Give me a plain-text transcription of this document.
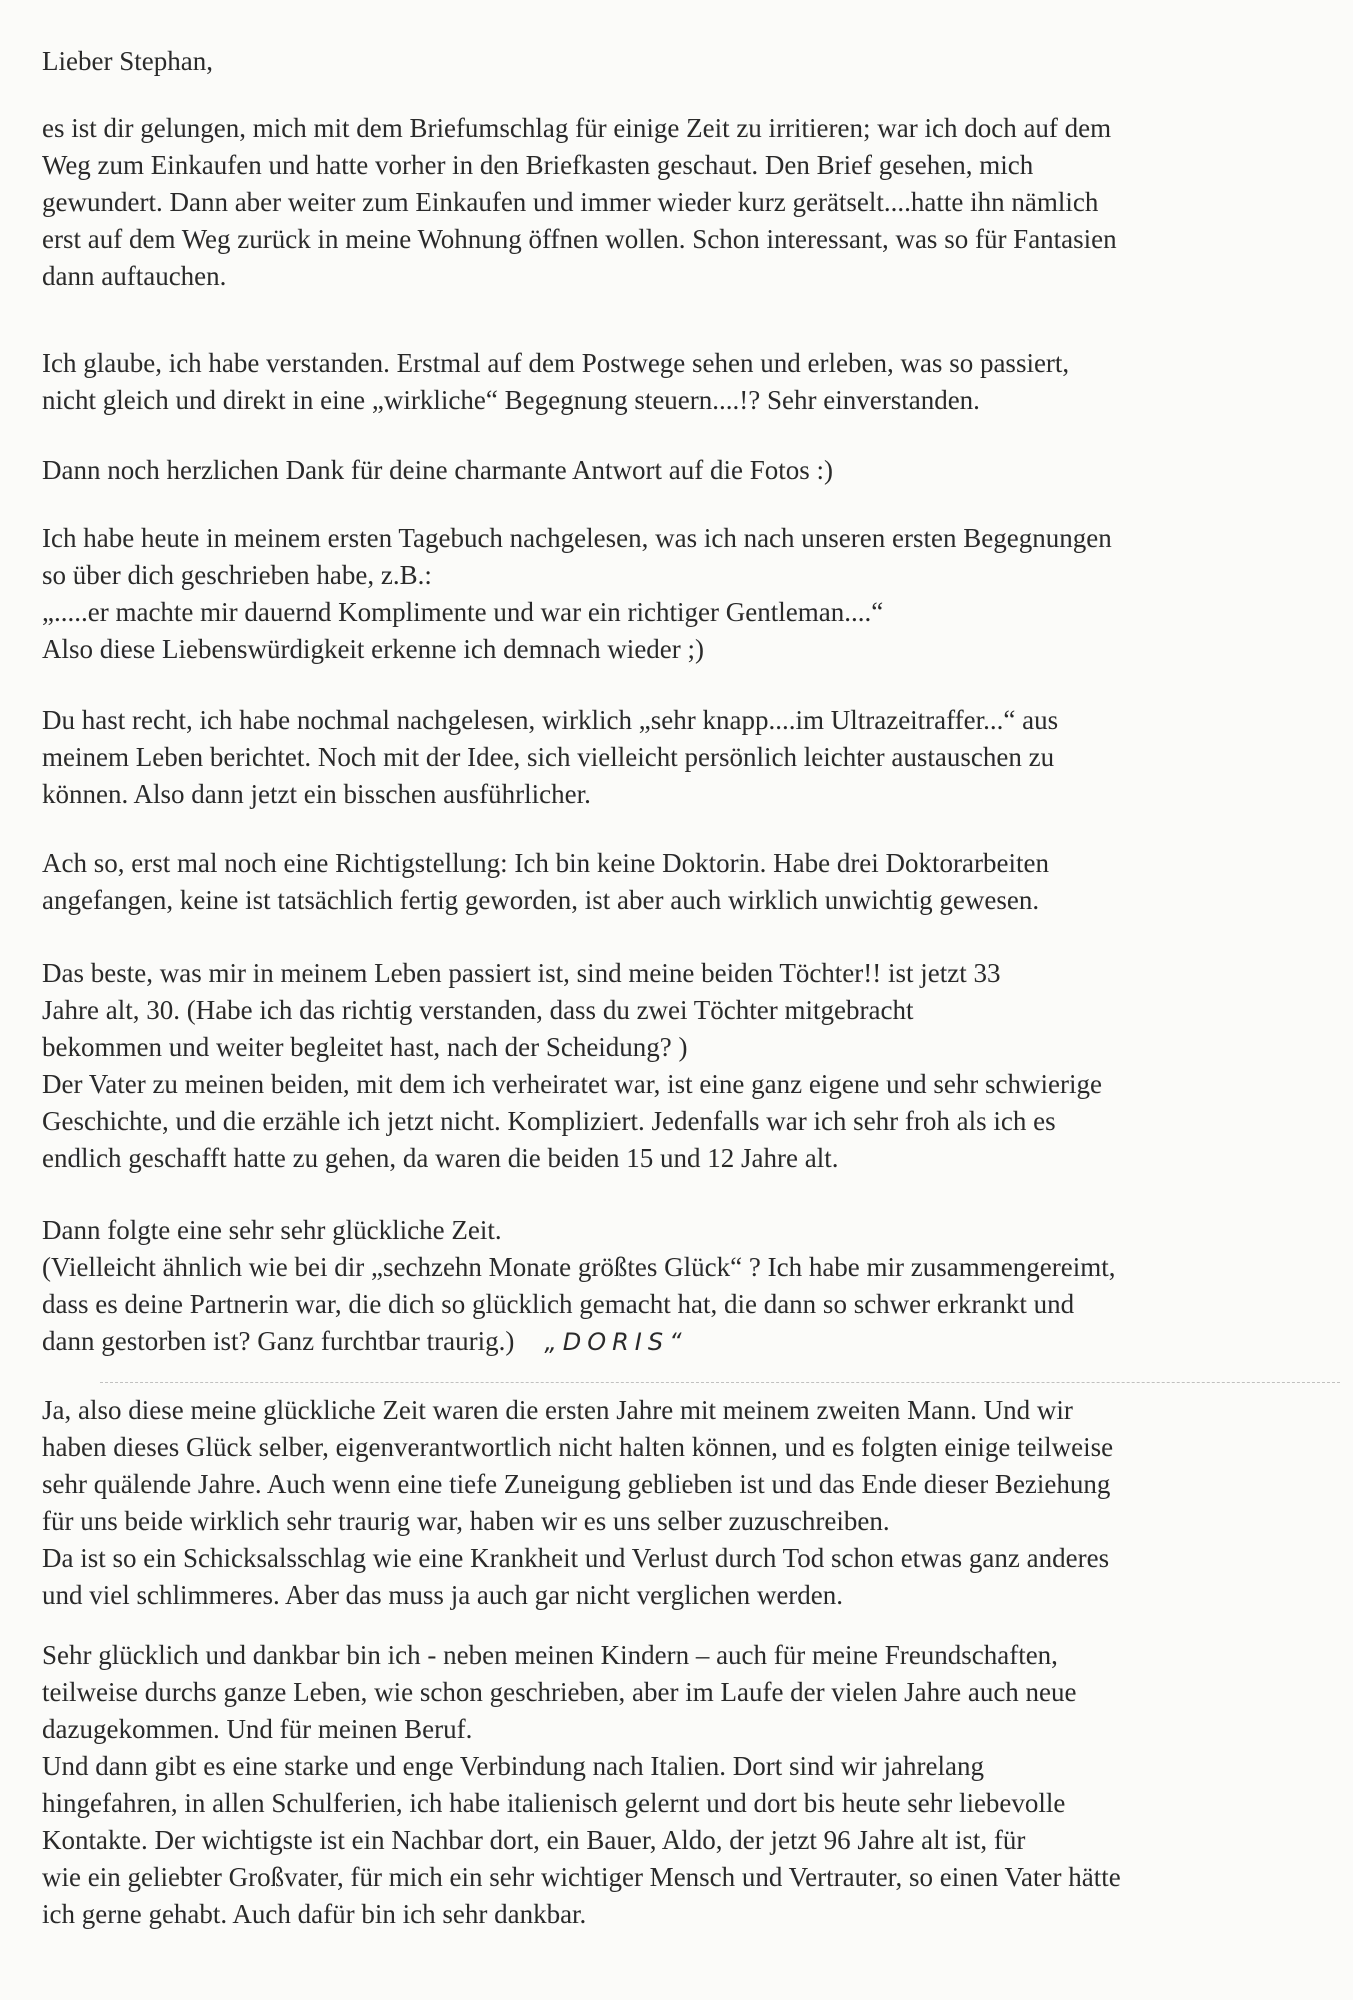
Lieber Stephan,

es ist dir gelungen, mich mit dem Briefumschlag für einige Zeit zu irritieren; war ich doch auf dem
Weg zum Einkaufen und hatte vorher in den Briefkasten geschaut. Den Brief gesehen, mich
gewundert. Dann aber weiter zum Einkaufen und immer wieder kurz gerätselt....hatte ihn nämlich
erst auf dem Weg zurück in meine Wohnung öffnen wollen. Schon interessant, was so für Fantasien
dann auftauchen.

Ich glaube, ich habe verstanden. Erstmal auf dem Postwege sehen und erleben, was so passiert,
nicht gleich und direkt in eine „wirkliche“ Begegnung steuern....!? Sehr einverstanden.

Dann noch herzlichen Dank für deine charmante Antwort auf die Fotos :)

Ich habe heute in meinem ersten Tagebuch nachgelesen, was ich nach unseren ersten Begegnungen
so über dich geschrieben habe, z.B.:
„.....er machte mir dauernd Komplimente und war ein richtiger Gentleman....“
Also diese Liebenswürdigkeit erkenne ich demnach wieder ;)

Du hast recht, ich habe nochmal nachgelesen, wirklich „sehr knapp....im Ultrazeitraffer...“ aus
meinem Leben berichtet. Noch mit der Idee, sich vielleicht persönlich leichter austauschen zu
können. Also dann jetzt ein bisschen ausführlicher.

Ach so, erst mal noch eine Richtigstellung: Ich bin keine Doktorin. Habe drei Doktorarbeiten
angefangen, keine ist tatsächlich fertig geworden, ist aber auch wirklich unwichtig gewesen.

Das beste, was mir in meinem Leben passiert ist, sind meine beiden Töchter!! ist jetzt 33
Jahre alt, 30. (Habe ich das richtig verstanden, dass du zwei Töchter mitgebracht
bekommen und weiter begleitet hast, nach der Scheidung? )
Der Vater zu meinen beiden, mit dem ich verheiratet war, ist eine ganz eigene und sehr schwierige
Geschichte, und die erzähle ich jetzt nicht. Kompliziert. Jedenfalls war ich sehr froh als ich es
endlich geschafft hatte zu gehen, da waren die beiden 15 und 12 Jahre alt.

Dann folgte eine sehr sehr glückliche Zeit.
(Vielleicht ähnlich wie bei dir „sechzehn Monate größtes Glück“ ? Ich habe mir zusammengereimt,
dass es deine Partnerin war, die dich so glücklich gemacht hat, die dann so schwer erkrankt und
dann gestorben ist? Ganz furchtbar traurig.) „DORIS“

Ja, also diese meine glückliche Zeit waren die ersten Jahre mit meinem zweiten Mann. Und wir
haben dieses Glück selber, eigenverantwortlich nicht halten können, und es folgten einige teilweise
sehr quälende Jahre. Auch wenn eine tiefe Zuneigung geblieben ist und das Ende dieser Beziehung
für uns beide wirklich sehr traurig war, haben wir es uns selber zuzuschreiben.
Da ist so ein Schicksalsschlag wie eine Krankheit und Verlust durch Tod schon etwas ganz anderes
und viel schlimmeres. Aber das muss ja auch gar nicht verglichen werden.

Sehr glücklich und dankbar bin ich - neben meinen Kindern – auch für meine Freundschaften,
teilweise durchs ganze Leben, wie schon geschrieben, aber im Laufe der vielen Jahre auch neue
dazugekommen. Und für meinen Beruf.
Und dann gibt es eine starke und enge Verbindung nach Italien. Dort sind wir jahrelang
hingefahren, in allen Schulferien, ich habe italienisch gelernt und dort bis heute sehr liebevolle
Kontakte. Der wichtigste ist ein Nachbar dort, ein Bauer, Aldo, der jetzt 96 Jahre alt ist, für
wie ein geliebter Großvater, für mich ein sehr wichtiger Mensch und Vertrauter, so einen Vater hätte
ich gerne gehabt. Auch dafür bin ich sehr dankbar.
